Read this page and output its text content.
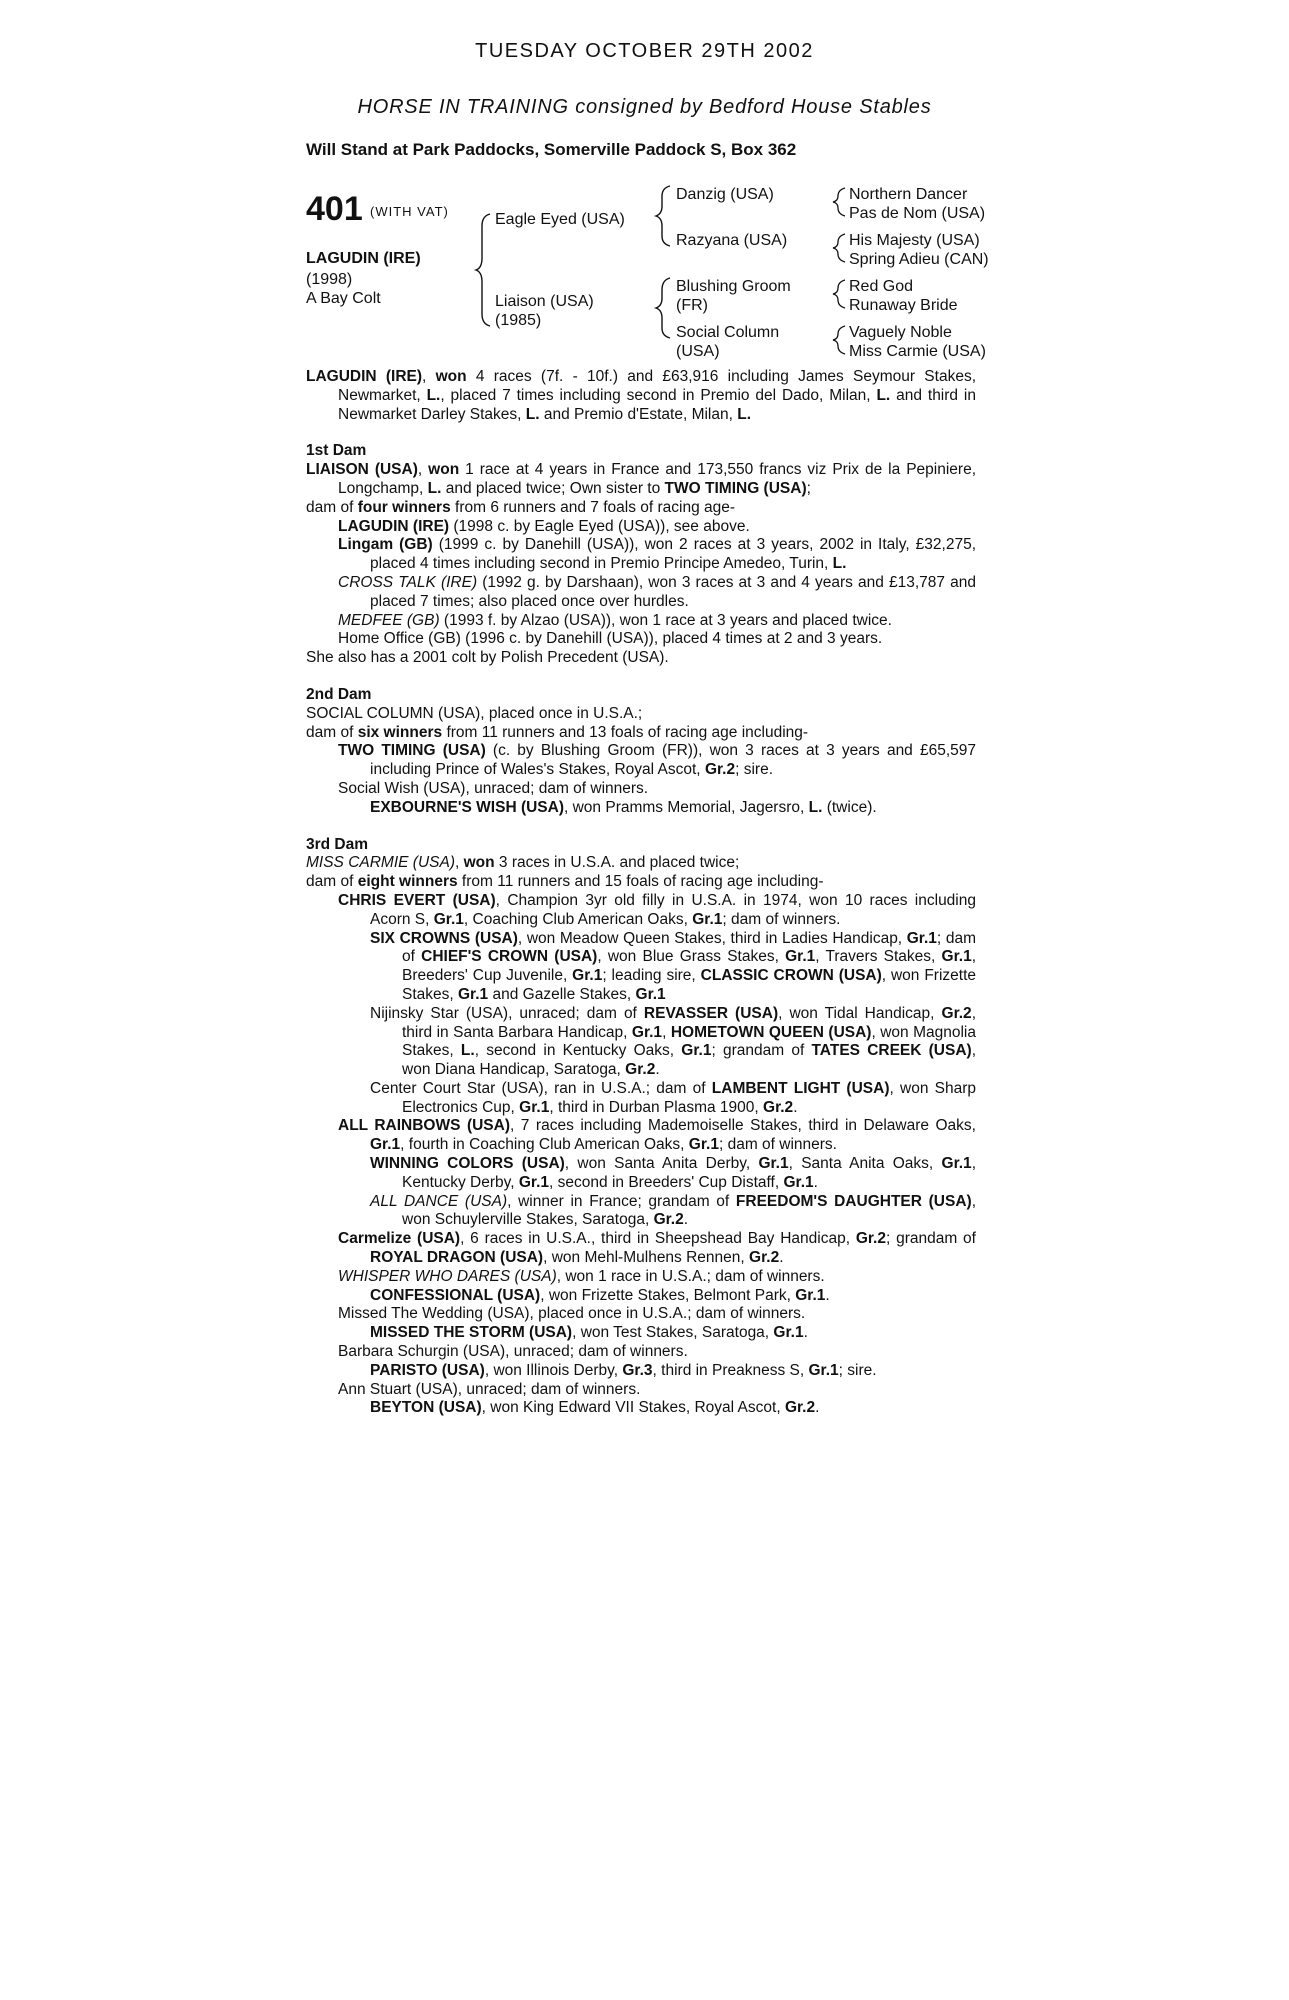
TUESDAY OCTOBER 29TH 2002
HORSE IN TRAINING consigned by Bedford House Stables
Will Stand at Park Paddocks, Somerville Paddock S, Box 362
401 (WITH VAT)
LAGUDIN (IRE)
(1998)
A Bay Colt
Eagle Eyed (USA)
Liaison (USA)
(1985)
Danzig (USA)
Razyana (USA)
Blushing Groom
(FR)
Social Column
(USA)
Northern Dancer
Pas de Nom (USA)
His Majesty (USA)
Spring Adieu (CAN)
Red God
Runaway Bride
Vaguely Noble
Miss Carmie (USA)

LAGUDIN (IRE), won 4 races (7f. - 10f.) and £63,916 including James Seymour Stakes, Newmarket, L., placed 7 times including second in Premio del Dado, Milan, L. and third in Newmarket Darley Stakes, L. and Premio d'Estate, Milan, L.

1st Dam

LIAISON (USA), won 1 race at 4 years in France and 173,550 francs viz Prix de la Pepiniere, Longchamp, L. and placed twice; Own sister to TWO TIMING (USA);

dam of four winners from 6 runners and 7 foals of racing age-

LAGUDIN (IRE) (1998 c. by Eagle Eyed (USA)), see above.

Lingam (GB) (1999 c. by Danehill (USA)), won 2 races at 3 years, 2002 in Italy, £32,275, placed 4 times including second in Premio Principe Amedeo, Turin, L.

CROSS TALK (IRE) (1992 g. by Darshaan), won 3 races at 3 and 4 years and £13,787 and placed 7 times; also placed once over hurdles.

MEDFEE (GB) (1993 f. by Alzao (USA)), won 1 race at 3 years and placed twice.

Home Office (GB) (1996 c. by Danehill (USA)), placed 4 times at 2 and 3 years.

She also has a 2001 colt by Polish Precedent (USA).

2nd Dam

SOCIAL COLUMN (USA), placed once in U.S.A.;

dam of six winners from 11 runners and 13 foals of racing age including-

TWO TIMING (USA) (c. by Blushing Groom (FR)), won 3 races at 3 years and £65,597 including Prince of Wales's Stakes, Royal Ascot, Gr.2; sire.

Social Wish (USA), unraced; dam of winners.

EXBOURNE'S WISH (USA), won Pramms Memorial, Jagersro, L. (twice).

3rd Dam

MISS CARMIE (USA), won 3 races in U.S.A. and placed twice;

dam of eight winners from 11 runners and 15 foals of racing age including-

CHRIS EVERT (USA), Champion 3yr old filly in U.S.A. in 1974, won 10 races including Acorn S, Gr.1, Coaching Club American Oaks, Gr.1; dam of winners.

SIX CROWNS (USA), won Meadow Queen Stakes, third in Ladies Handicap, Gr.1; dam of CHIEF'S CROWN (USA), won Blue Grass Stakes, Gr.1, Travers Stakes, Gr.1, Breeders' Cup Juvenile, Gr.1; leading sire, CLASSIC CROWN (USA), won Frizette Stakes, Gr.1 and Gazelle Stakes, Gr.1

Nijinsky Star (USA), unraced; dam of REVASSER (USA), won Tidal Handicap, Gr.2, third in Santa Barbara Handicap, Gr.1, HOMETOWN QUEEN (USA), won Magnolia Stakes, L., second in Kentucky Oaks, Gr.1; grandam of TATES CREEK (USA), won Diana Handicap, Saratoga, Gr.2.

Center Court Star (USA), ran in U.S.A.; dam of LAMBENT LIGHT (USA), won Sharp Electronics Cup, Gr.1, third in Durban Plasma 1900, Gr.2.

ALL RAINBOWS (USA), 7 races including Mademoiselle Stakes, third in Delaware Oaks, Gr.1, fourth in Coaching Club American Oaks, Gr.1; dam of winners.

WINNING COLORS (USA), won Santa Anita Derby, Gr.1, Santa Anita Oaks, Gr.1, Kentucky Derby, Gr.1, second in Breeders' Cup Distaff, Gr.1.

ALL DANCE (USA), winner in France; grandam of FREEDOM'S DAUGHTER (USA), won Schuylerville Stakes, Saratoga, Gr.2.

Carmelize (USA), 6 races in U.S.A., third in Sheepshead Bay Handicap, Gr.2; grandam of ROYAL DRAGON (USA), won Mehl-Mulhens Rennen, Gr.2.

WHISPER WHO DARES (USA), won 1 race in U.S.A.; dam of winners.

CONFESSIONAL (USA), won Frizette Stakes, Belmont Park, Gr.1.

Missed The Wedding (USA), placed once in U.S.A.; dam of winners.

MISSED THE STORM (USA), won Test Stakes, Saratoga, Gr.1.

Barbara Schurgin (USA), unraced; dam of winners.

PARISTO (USA), won Illinois Derby, Gr.3, third in Preakness S, Gr.1; sire.

Ann Stuart (USA), unraced; dam of winners.

BEYTON (USA), won King Edward VII Stakes, Royal Ascot, Gr.2.
